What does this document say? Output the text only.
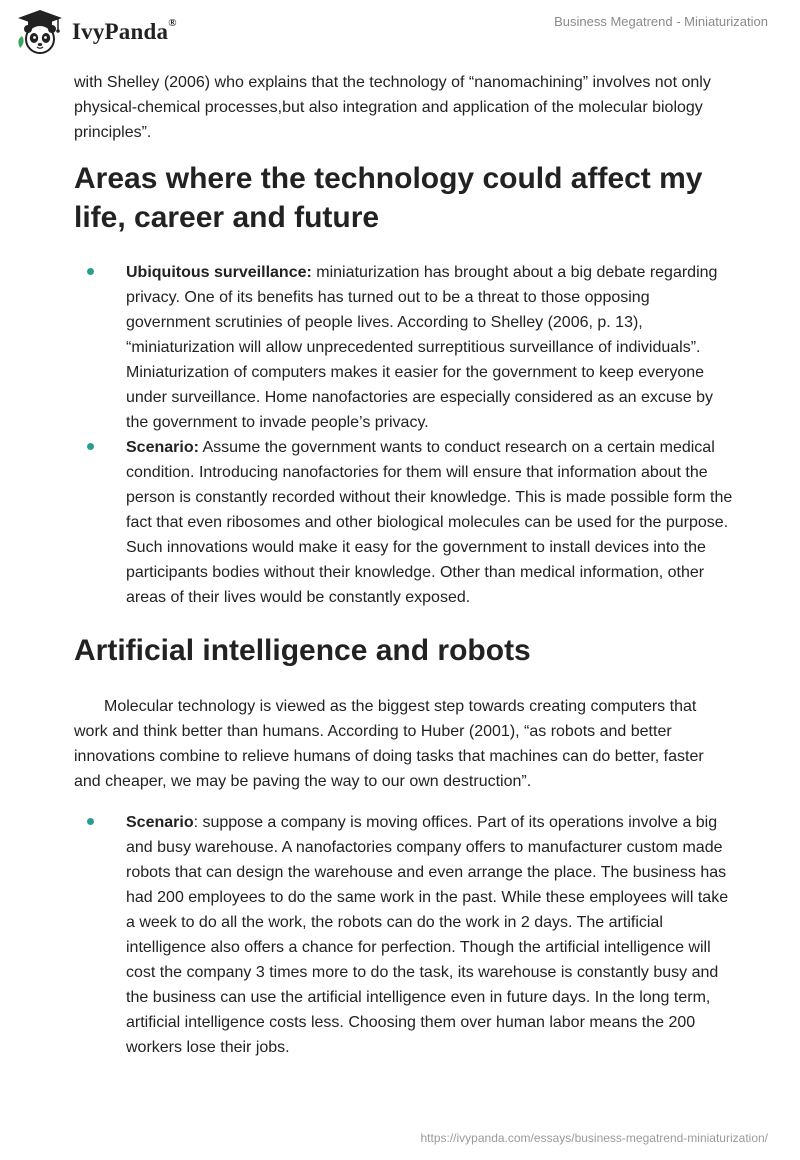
IvyPanda®	Business Megatrend - Miniaturization

with Shelley (2006) who explains that the technology of “nanomachining” involves not only physical-chemical processes,but also integration and application of the molecular biology principles”.

Areas where the technology could affect my life, career and future
Ubiquitous surveillance: miniaturization has brought about a big debate regarding privacy. One of its benefits has turned out to be a threat to those opposing government scrutinies of people lives. According to Shelley (2006, p. 13), “miniaturization will allow unprecedented surreptitious surveillance of individuals”. Miniaturization of computers makes it easier for the government to keep everyone under surveillance. Home nanofactories are especially considered as an excuse by the government to invade people’s privacy.
Scenario: Assume the government wants to conduct research on a certain medical condition. Introducing nanofactories for them will ensure that information about the person is constantly recorded without their knowledge. This is made possible form the fact that even ribosomes and other biological molecules can be used for the purpose. Such innovations would make it easy for the government to install devices into the participants bodies without their knowledge. Other than medical information, other areas of their lives would be constantly exposed.
Artificial intelligence and robots

Molecular technology is viewed as the biggest step towards creating computers that work and think better than humans. According to Huber (2001), “as robots and better innovations combine to relieve humans of doing tasks that machines can do better, faster and cheaper, we may be paving the way to our own destruction”.

Scenario: suppose a company is moving offices. Part of its operations involve a big and busy warehouse. A nanofactories company offers to manufacturer custom made robots that can design the warehouse and even arrange the place. The business has had 200 employees to do the same work in the past. While these employees will take a week to do all the work, the robots can do the work in 2 days. The artificial intelligence also offers a chance for perfection. Though the artificial intelligence will cost the company 3 times more to do the task, its warehouse is constantly busy and the business can use the artificial intelligence even in future days. In the long term, artificial intelligence costs less. Choosing them over human labor means the 200 workers lose their jobs.
https://ivypanda.com/essays/business-megatrend-miniaturization/
